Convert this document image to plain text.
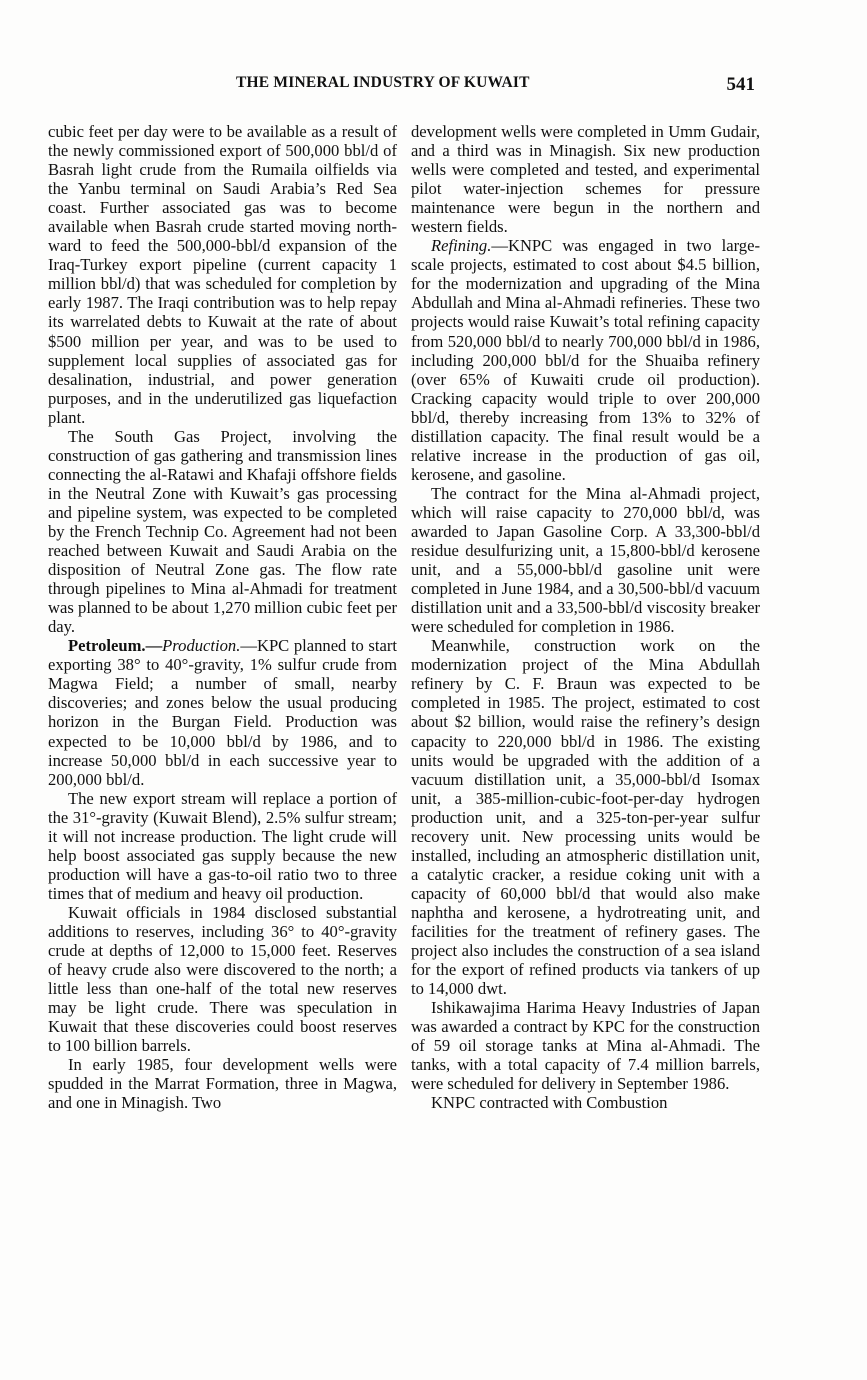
THE MINERAL INDUSTRY OF KUWAIT	541

cubic feet per day were to be available as a result of the newly commissioned export of 500,000 bbl/d of Basrah light crude from the Rumaila oilfields via the Yanbu terminal on Saudi Arabia’s Red Sea coast. Further associated gas was to become available when Basrah crude started moving northward to feed the 500,000-bbl/d expansion of the Iraq-Turkey export pipeline (current capacity 1 million bbl/d) that was scheduled for completion by early 1987. The Iraqi contribution was to help repay its warrelated debts to Kuwait at the rate of about $500 million per year, and was to be used to supplement local supplies of associated gas for desalination, industrial, and power generation purposes, and in the underutilized gas liquefaction plant.

The South Gas Project, involving the construction of gas gathering and transmission lines connecting the al-Ratawi and Khafaji offshore fields in the Neutral Zone with Kuwait’s gas processing and pipeline system, was expected to be completed by the French Technip Co. Agreement had not been reached between Kuwait and Saudi Arabia on the disposition of Neutral Zone gas. The flow rate through pipelines to Mina al-Ahmadi for treatment was planned to be about 1,270 million cubic feet per day.

Petroleum.—Production.—KPC planned to start exporting 38° to 40°-gravity, 1% sulfur crude from Magwa Field; a number of small, nearby discoveries; and zones below the usual producing horizon in the Burgan Field. Production was expected to be 10,000 bbl/d by 1986, and to increase 50,000 bbl/d in each successive year to 200,000 bbl/d.

The new export stream will replace a portion of the 31°-gravity (Kuwait Blend), 2.5% sulfur stream; it will not increase production. The light crude will help boost associated gas supply because the new production will have a gas-to-oil ratio two to three times that of medium and heavy oil production.

Kuwait officials in 1984 disclosed substantial additions to reserves, including 36° to 40°-gravity crude at depths of 12,000 to 15,000 feet. Reserves of heavy crude also were discovered to the north; a little less than one-half of the total new reserves may be light crude. There was speculation in Kuwait that these discoveries could boost reserves to 100 billion barrels.

In early 1985, four development wells were spudded in the Marrat Formation, three in Magwa, and one in Minagish. Two

development wells were completed in Umm Gudair, and a third was in Minagish. Six new production wells were completed and tested, and experimental pilot water-injection schemes for pressure maintenance were begun in the northern and western fields.

Refining.—KNPC was engaged in two large-scale projects, estimated to cost about $4.5 billion, for the modernization and upgrading of the Mina Abdullah and Mina al-Ahmadi refineries. These two projects would raise Kuwait’s total refining capacity from 520,000 bbl/d to nearly 700,000 bbl/d in 1986, including 200,000 bbl/d for the Shuaiba refinery (over 65% of Kuwaiti crude oil production). Cracking capacity would triple to over 200,000 bbl/d, thereby increasing from 13% to 32% of distillation capacity. The final result would be a relative increase in the production of gas oil, kerosene, and gasoline.

The contract for the Mina al-Ahmadi project, which will raise capacity to 270,000 bbl/d, was awarded to Japan Gasoline Corp. A 33,300-bbl/d residue desulfurizing unit, a 15,800-bbl/d kerosene unit, and a 55,000-bbl/d gasoline unit were completed in June 1984, and a 30,500-bbl/d vacuum distillation unit and a 33,500-bbl/d viscosity breaker were scheduled for completion in 1986.

Meanwhile, construction work on the modernization project of the Mina Abdullah refinery by C. F. Braun was expected to be completed in 1985. The project, estimated to cost about $2 billion, would raise the refinery’s design capacity to 220,000 bbl/d in 1986. The existing units would be upgraded with the addition of a vacuum distillation unit, a 35,000-bbl/d Isomax unit, a 385-million-cubic-foot-per-day hydrogen production unit, and a 325-ton-per-year sulfur recovery unit. New processing units would be installed, including an atmospheric distillation unit, a catalytic cracker, a residue coking unit with a capacity of 60,000 bbl/d that would also make naphtha and kerosene, a hydrotreating unit, and facilities for the treatment of refinery gases. The project also includes the construction of a sea island for the export of refined products via tankers of up to 14,000 dwt.

Ishikawajima Harima Heavy Industries of Japan was awarded a contract by KPC for the construction of 59 oil storage tanks at Mina al-Ahmadi. The tanks, with a total capacity of 7.4 million barrels, were scheduled for delivery in September 1986.

KNPC contracted with Combustion
